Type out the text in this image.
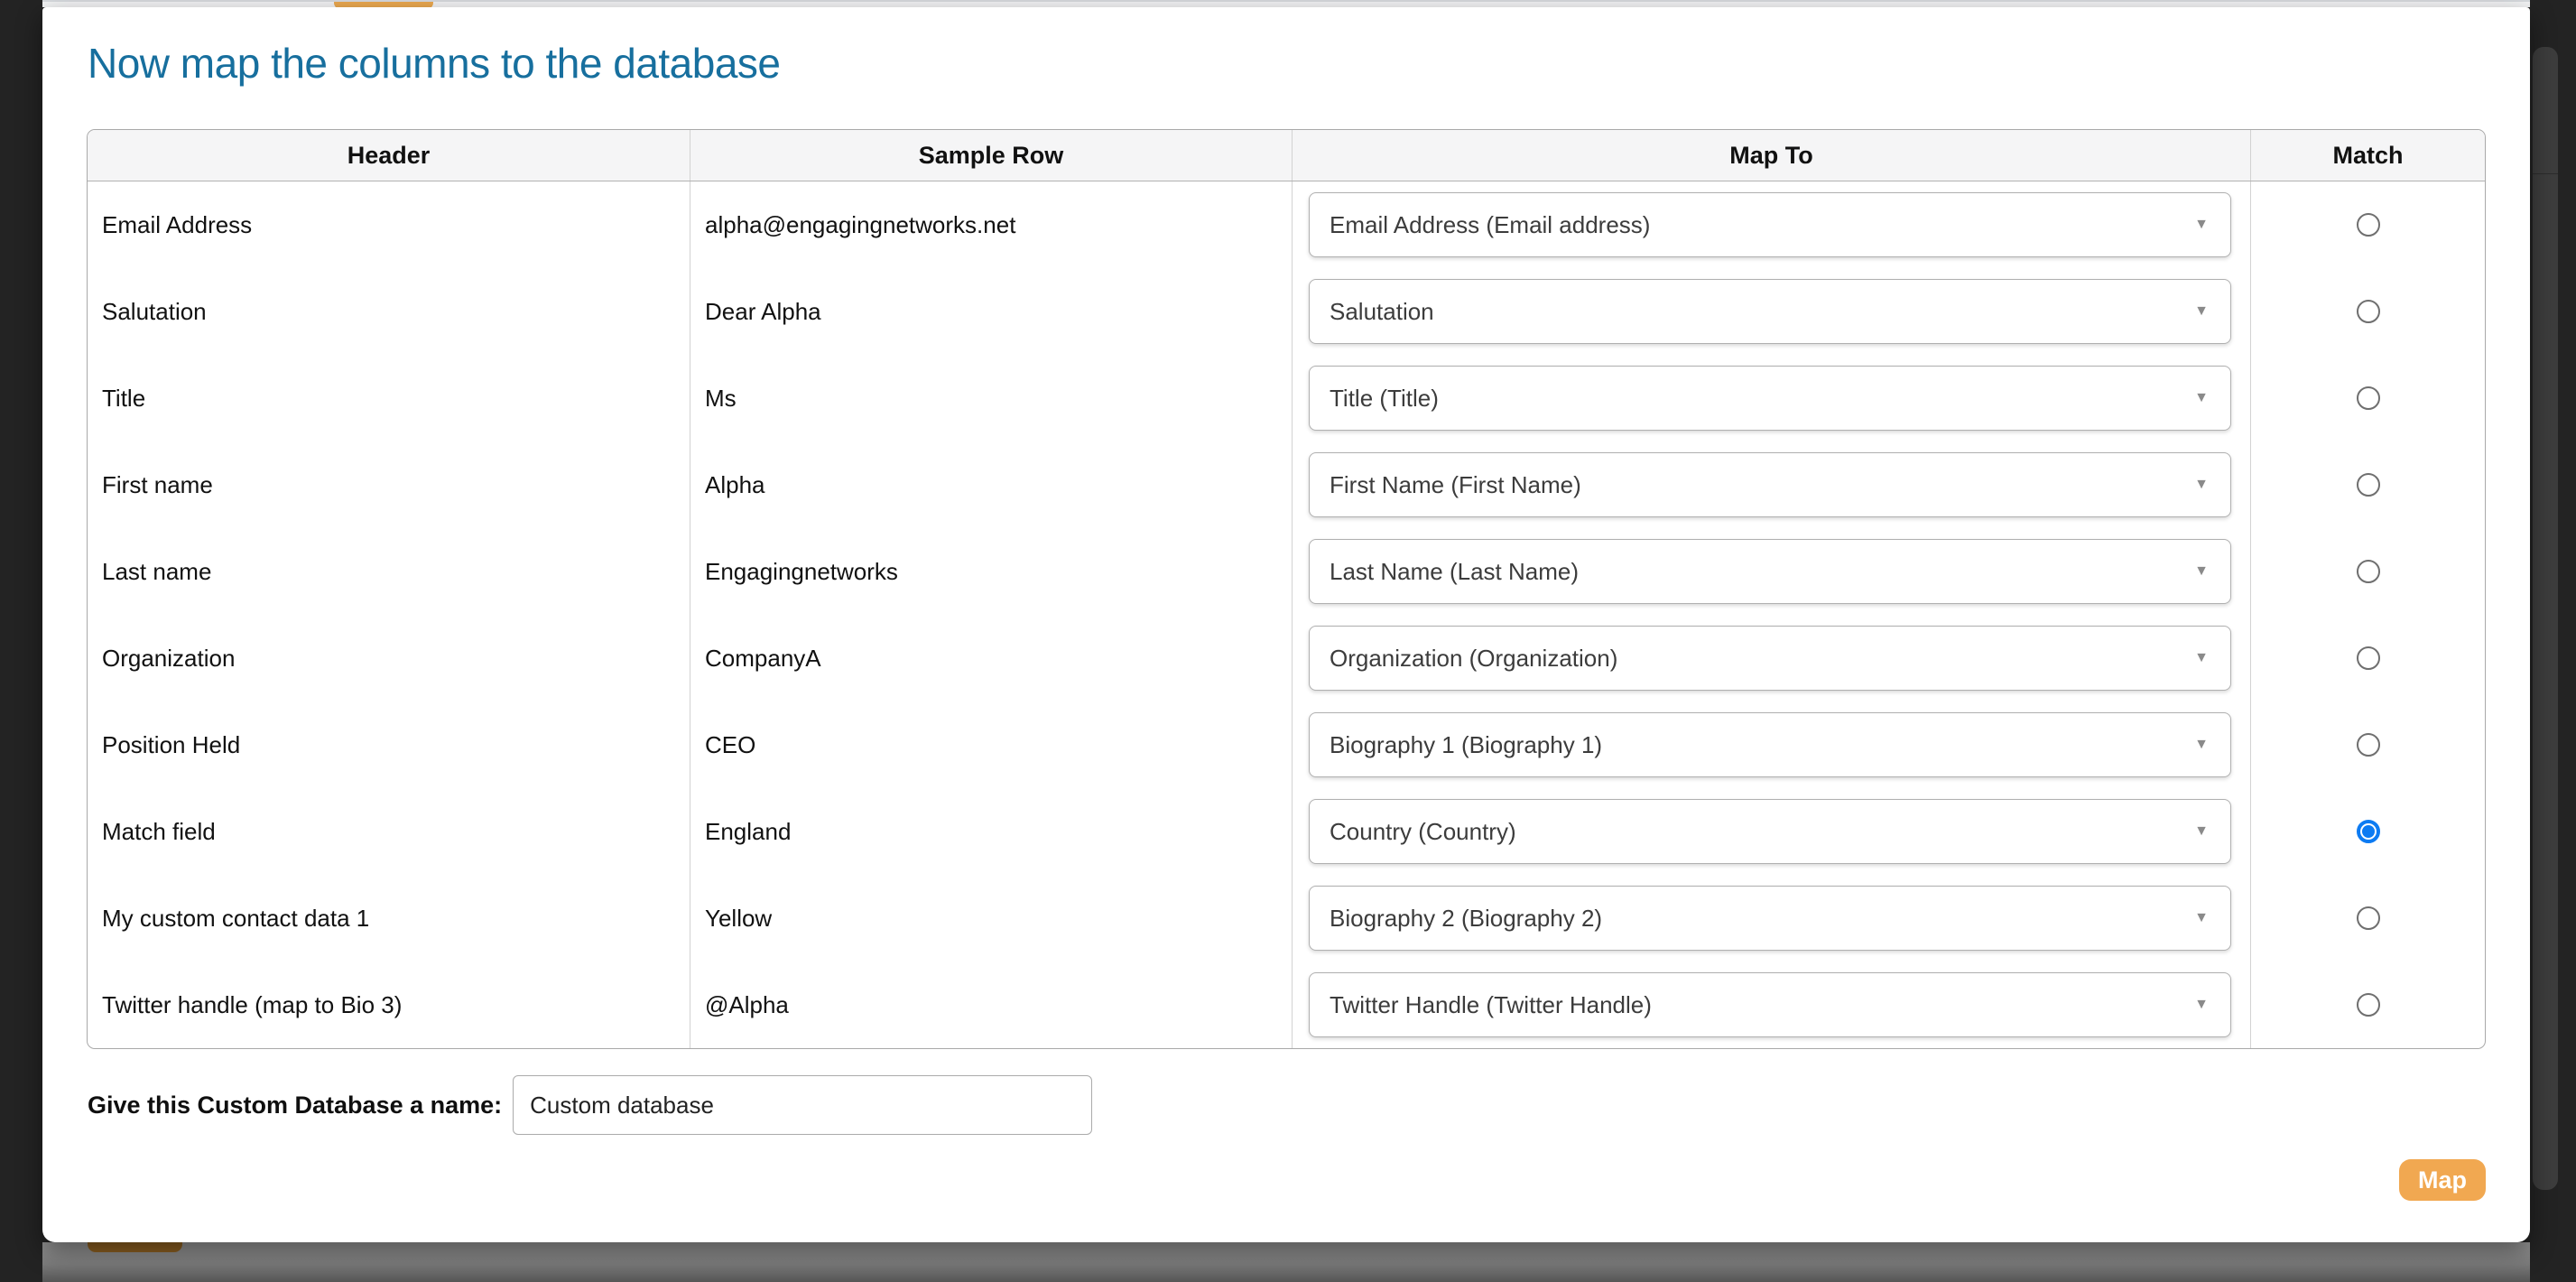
Now map the columns to the database
Header	Sample Row	Map To	Match
Email Address	alpha@engagingnetworks.net	Email Address (Email address)	▼
Salutation	Dear Alpha	Salutation	▼
Title	Ms	Title (Title)	▼
First name	Alpha	First Name (First Name)	▼
Last name	Engagingnetworks	Last Name (Last Name)	▼
Organization	CompanyA	Organization (Organization)	▼
Position Held	CEO	Biography 1 (Biography 1)	▼
Match field	England	Country (Country)	▼
My custom contact data 1	Yellow	Biography 2 (Biography 2)	▼
Twitter handle (map to Bio 3)	@Alpha	Twitter Handle (Twitter Handle)	▼
Give this Custom Database a name:
Custom database
Map
